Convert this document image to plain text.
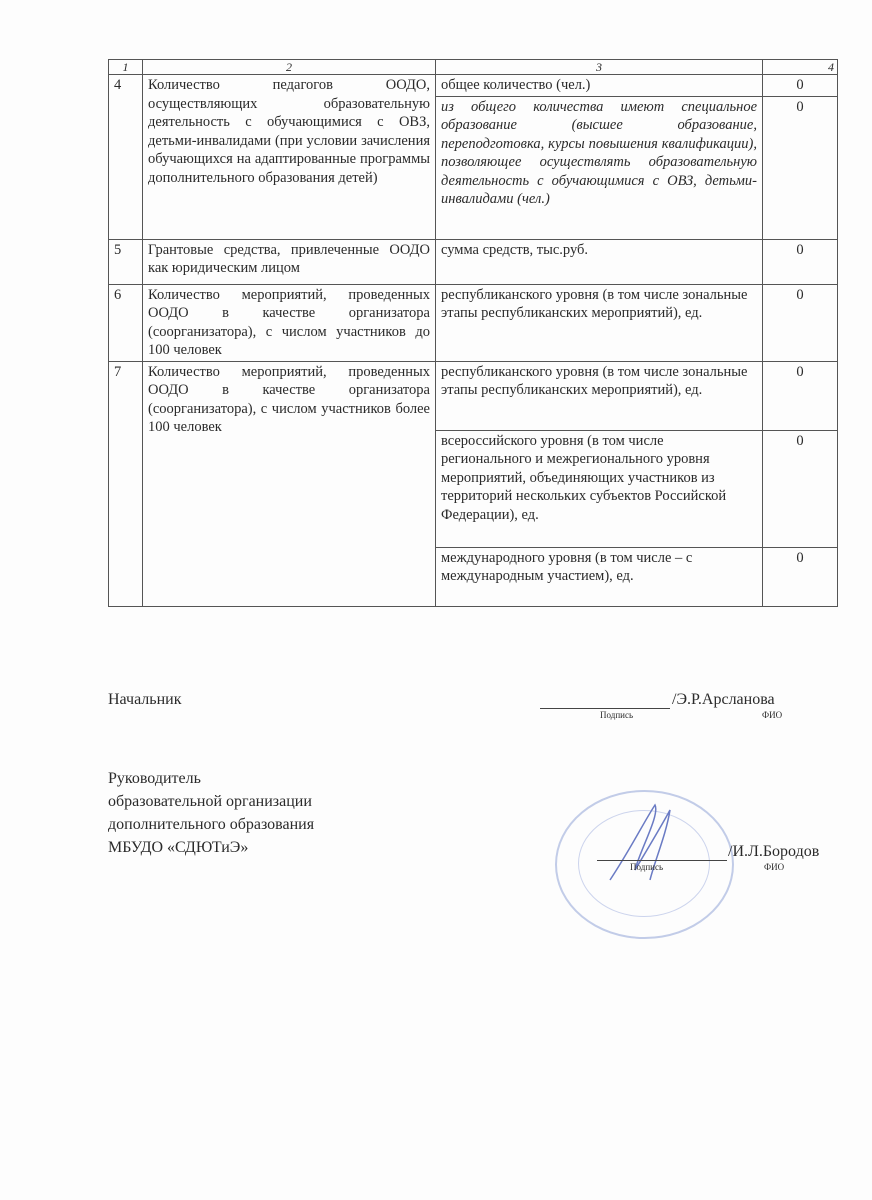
1	2	3	4
4	Количество педагогов ООДО, осуществляющих образовательную деятельность с обучающимися с ОВЗ, детьми-инвалидами (при условии зачисления обучающихся на адаптированные программы дополнительного образования детей)	общее количество (чел.)	0
		из общего количества имеют специальное образование (высшее образование, переподготовка, курсы повышения квалификации), позволяющее осуществлять образовательную деятельность с обучающимися с ОВЗ, детьми-инвалидами (чел.)	0
5	Грантовые средства, привлеченные ООДО как юридическим лицом	сумма средств, тыс.руб.	0
6	Количество мероприятий, проведенных ООДО в качестве организатора (соорганизатора), с числом участников до 100 человек	республиканского уровня (в том числе зональные этапы республиканских мероприятий), ед.	0
7	Количество мероприятий, проведенных ООДО в качестве организатора (соорганизатора), с числом участников более 100 человек	республиканского уровня (в том числе зональные этапы республиканских мероприятий), ед.	0
		всероссийского уровня (в том числе регионального и межрегионального уровня мероприятий, объединяющих участников из территорий нескольких субъектов Российской Федерации), ед.	0
		международного уровня (в том числе – с международным участием), ед.	0
Начальник	/Э.Р.Арсланова
Подпись	ФИО
Руководитель
образовательной организации
дополнительного образования
МБУДО «СДЮТиЭ»	/И.Л.Бородов
Подпись	ФИО
